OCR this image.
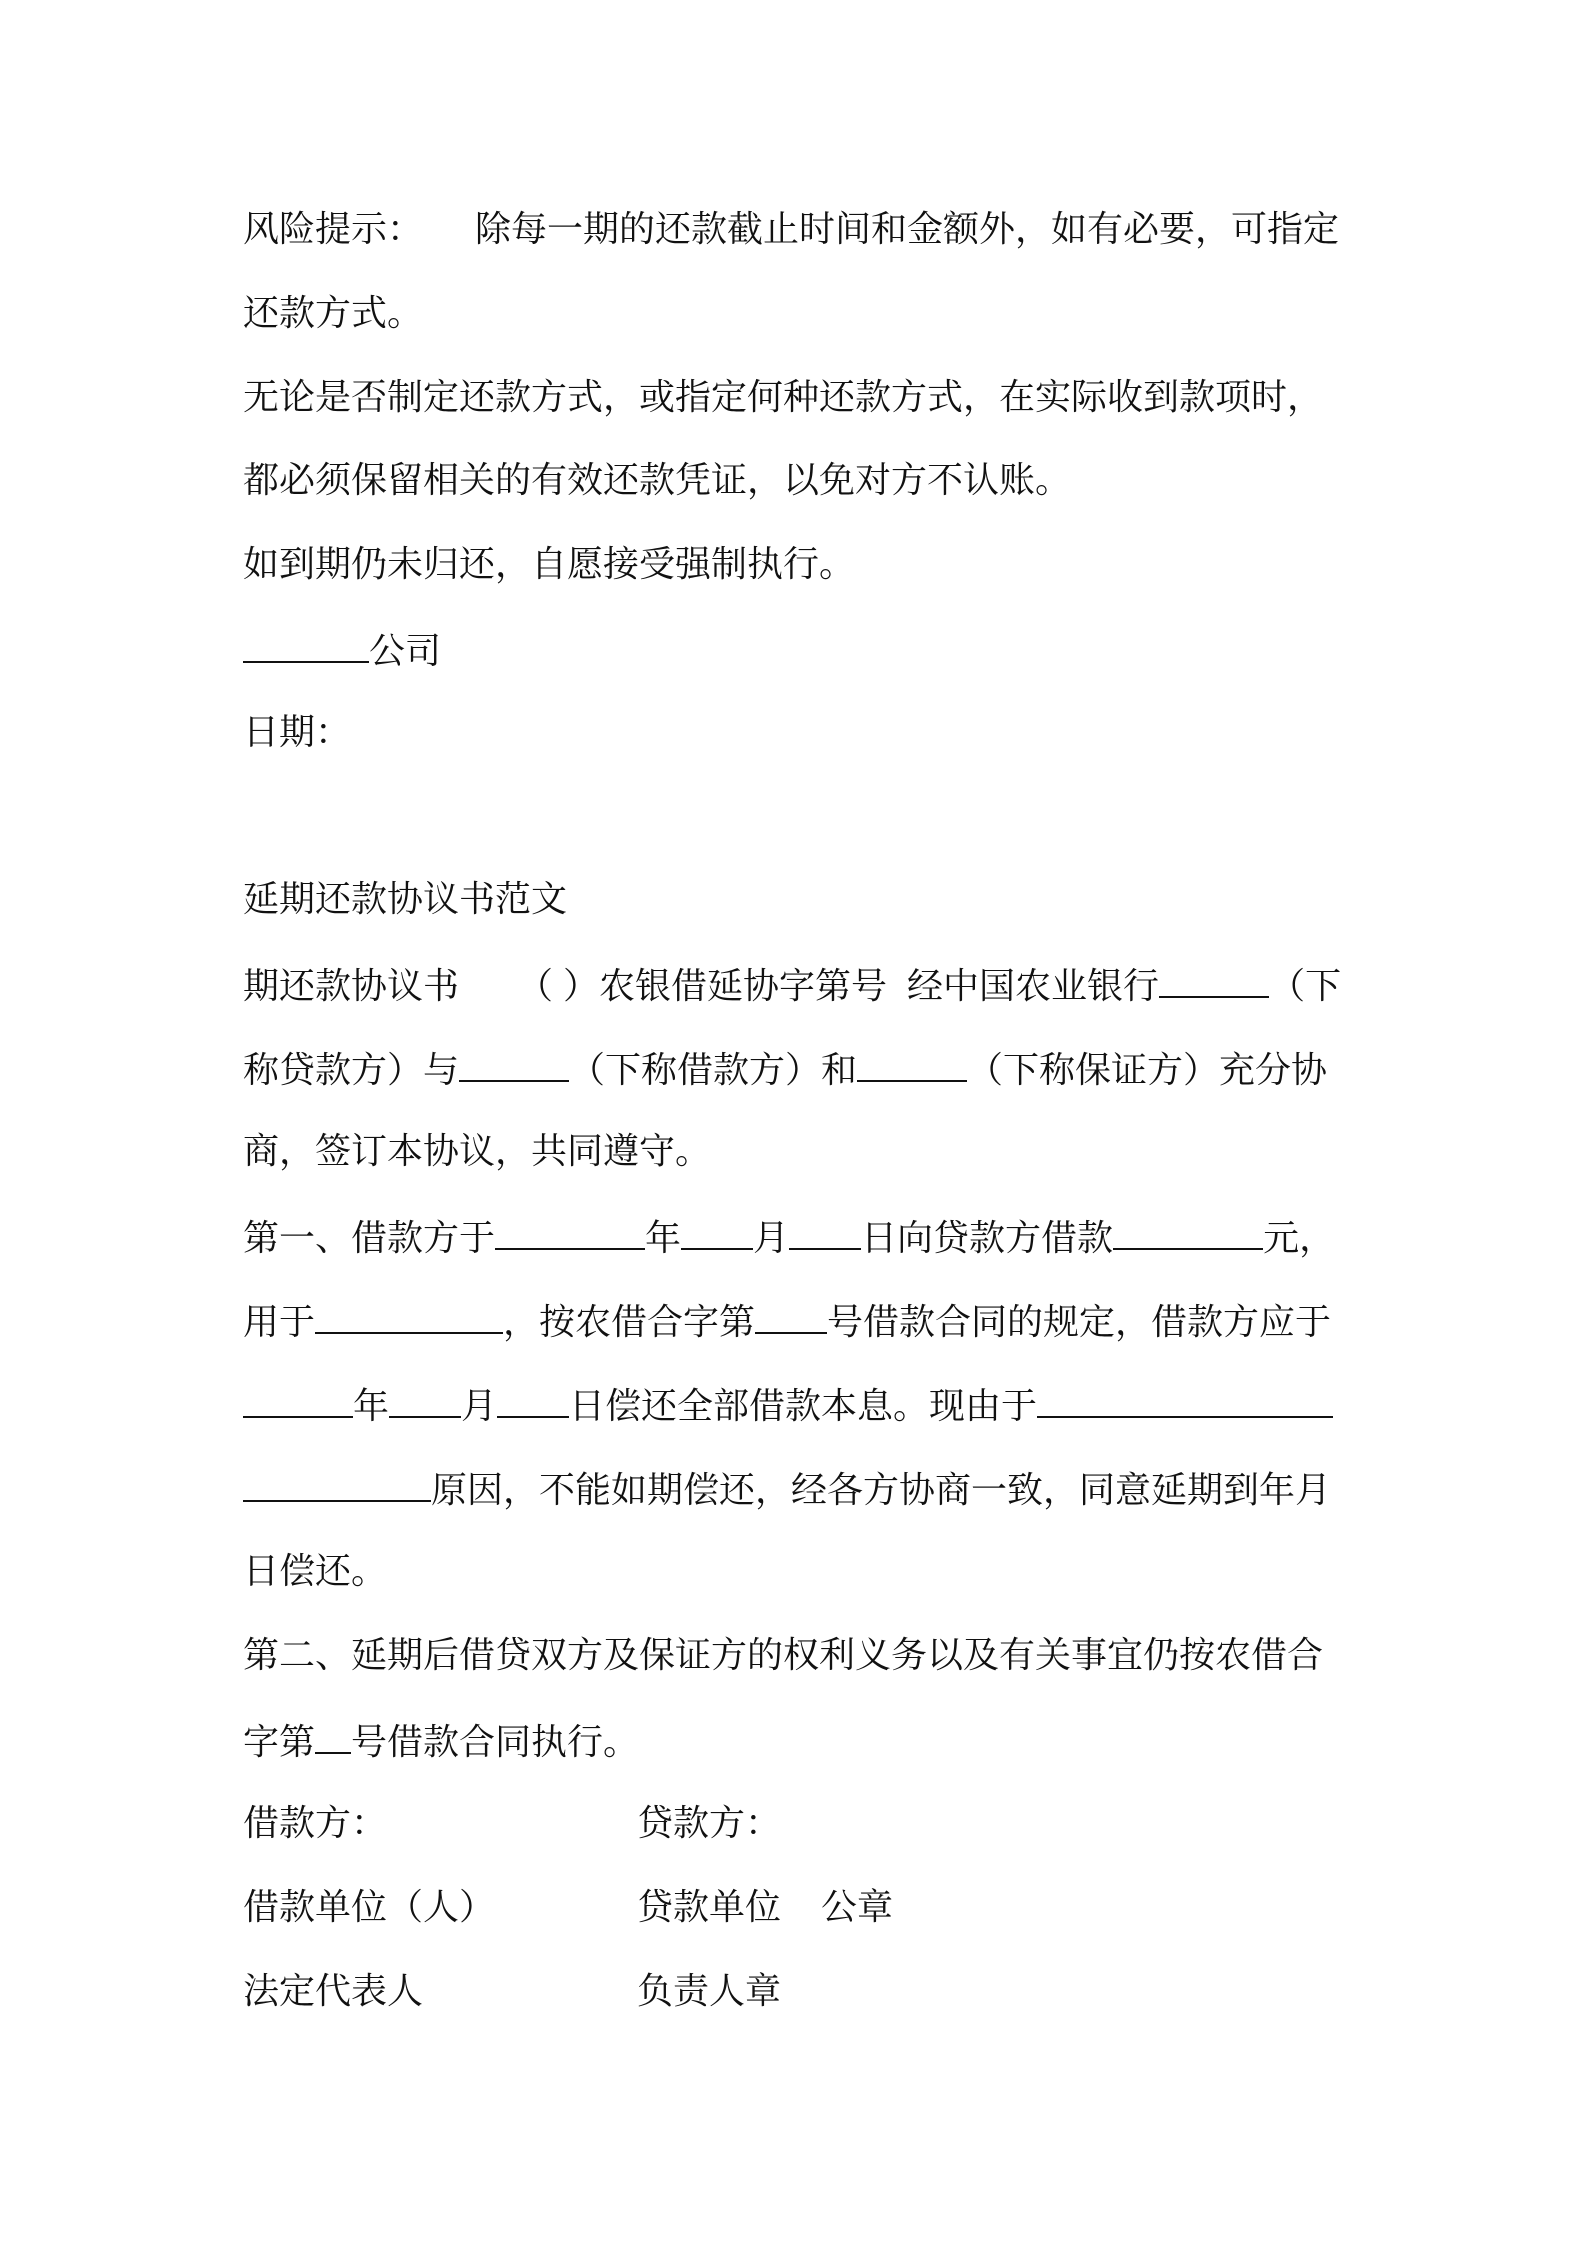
风险提示： 除每一期的还款截止时间和金额外，如有必要，可指定
还款方式。
无论是否制定还款方式，或指定何种还款方式，在实际收到款项时，
都必须保留相关的有效还款凭证，以免对方不认账。
如到期仍未归还，自愿接受强制执行。
公司
日期：
延期还款协议书范文
期还款协议书 （ ）农银借延协字第号 经中国农业银行	（下
称贷款方）与	（下称借款方）和	（下称保证方）充分协
商，签订本协议，共同遵守。
第一、借款方于	年 月 日向贷款方借款	元，
用于	，按农借合字第 号借款合同的规定，借款方应于
年 月 日偿还全部借款本息。现由于
原因，不能如期偿还，经各方协商一致，同意延期到年月
日偿还。
第二、延期后借贷双方及保证方的权利义务以及有关事宜仍按农借合
字第 号借款合同执行。
借款方：	贷款方：
借款单位（人）	贷款单位 公章
法定代表人	负责人章
